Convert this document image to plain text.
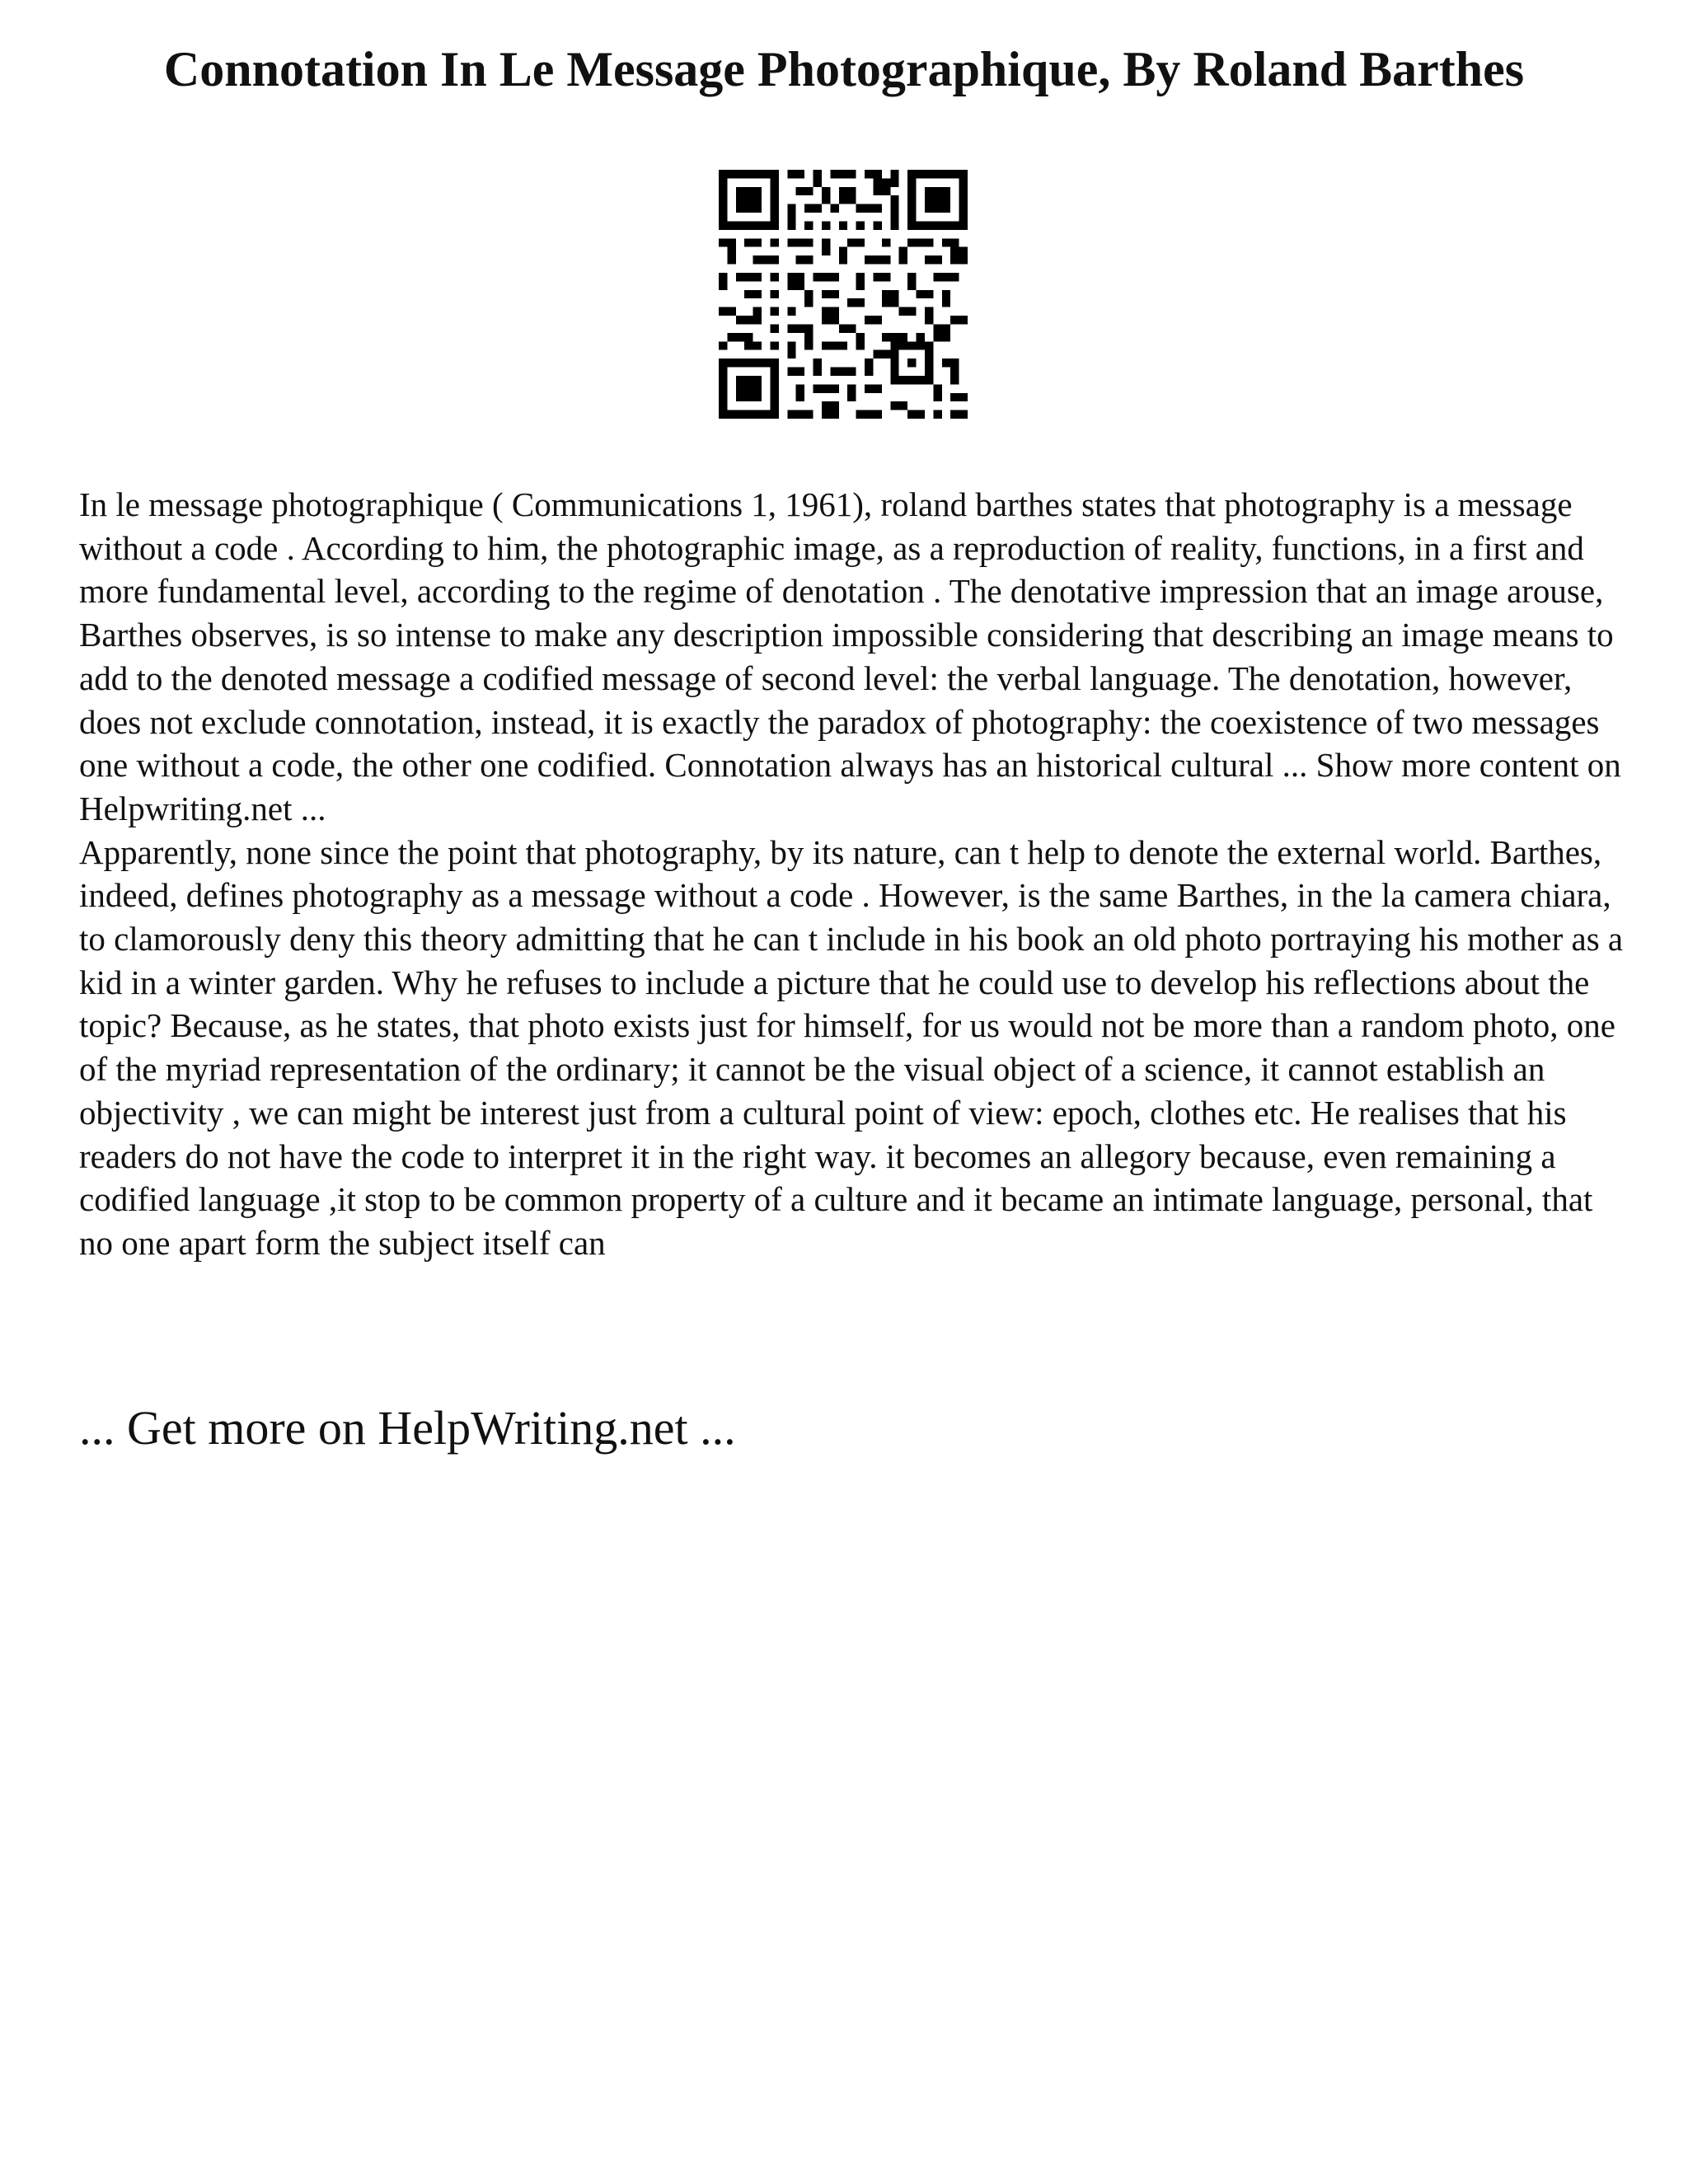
Connotation In Le Message Photographique, By Roland Barthes

In le message photographique ( Communications 1, 1961), roland barthes states that photography is a message without a code . According to him, the photographic image, as a reproduction of reality, functions, in a first and more fundamental level, according to the regime of denotation . The denotative impression that an image arouse, Barthes observes, is so intense to make any description impossible considering that describing an image means to add to the denoted message a codified message of second level: the verbal language. The denotation, however, does not exclude connotation, instead, it is exactly the paradox of photography: the coexistence of two messages one without a code, the other one codified. Connotation always has an historical cultural ... Show more content on Helpwriting.net ...

Apparently, none since the point that photography, by its nature, can t help to denote the external world. Barthes, indeed, defines photography as a message without a code . However, is the same Barthes, in the la camera chiara, to clamorously deny this theory admitting that he can t include in his book an old photo portraying his mother as a kid in a winter garden. Why he refuses to include a picture that he could use to develop his reflections about the topic? Because, as he states, that photo exists just for himself, for us would not be more than a random photo, one of the myriad representation of the ordinary; it cannot be the visual object of a science, it cannot establish an objectivity , we can might be interest just from a cultural point of view: epoch, clothes etc. He realises that his readers do not have the code to interpret it in the right way. it becomes an allegory because, even remaining a codified language ,it stop to be common property of a culture and it became an intimate language, personal, that no one apart form the subject itself can

... Get more on HelpWriting.net ...
